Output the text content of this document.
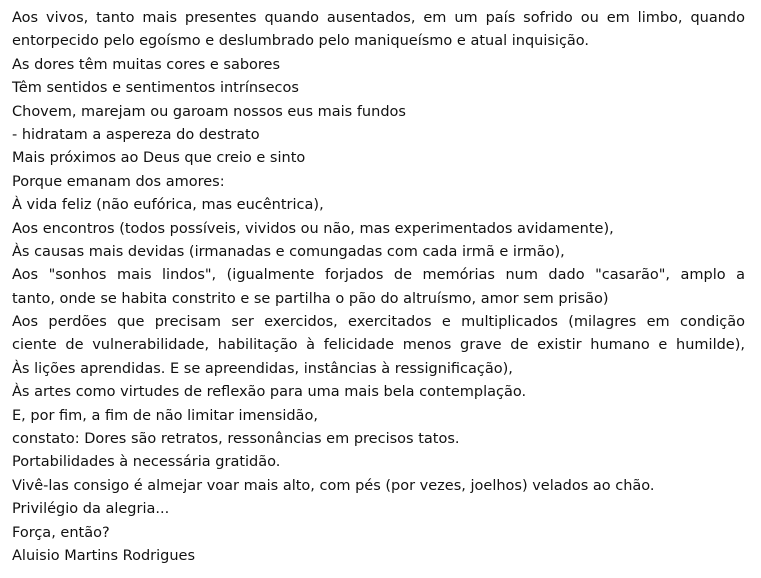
Aos vivos, tanto mais presentes quando ausentados, em um país sofrido ou em limbo, quando
entorpecido pelo egoísmo e deslumbrado pelo maniqueísmo e atual inquisição.
As dores têm muitas cores e sabores
Têm sentidos e sentimentos intrínsecos
Chovem, marejam ou garoam nossos eus mais fundos
- hidratam a aspereza do destrato
Mais próximos ao Deus que creio e sinto
Porque emanam dos amores:
À vida feliz (não eufórica, mas eucêntrica),
Aos encontros (todos possíveis, vividos ou não, mas experimentados avidamente),
Às causas mais devidas (irmanadas e comungadas com cada irmã e irmão),
Aos "sonhos mais lindos", (igualmente forjados de memórias num dado "casarão", amplo a
tanto, onde se habita constrito e se partilha o pão do altruísmo, amor sem prisão)
Aos perdões que precisam ser exercidos, exercitados e multiplicados (milagres em condição
ciente de vulnerabilidade, habilitação à felicidade menos grave de existir humano e humilde),
Às lições aprendidas. E se apreendidas, instâncias à ressignificação),
Às artes como virtudes de reflexão para uma mais bela contemplação.
E, por fim, a fim de não limitar imensidão,
constato: Dores são retratos, ressonâncias em precisos tatos.
Portabilidades à necessária gratidão.
Vivê-las consigo é almejar voar mais alto, com pés (por vezes, joelhos) velados ao chão.
Privilégio da alegria...
Força, então?
Aluisio Martins Rodrigues
